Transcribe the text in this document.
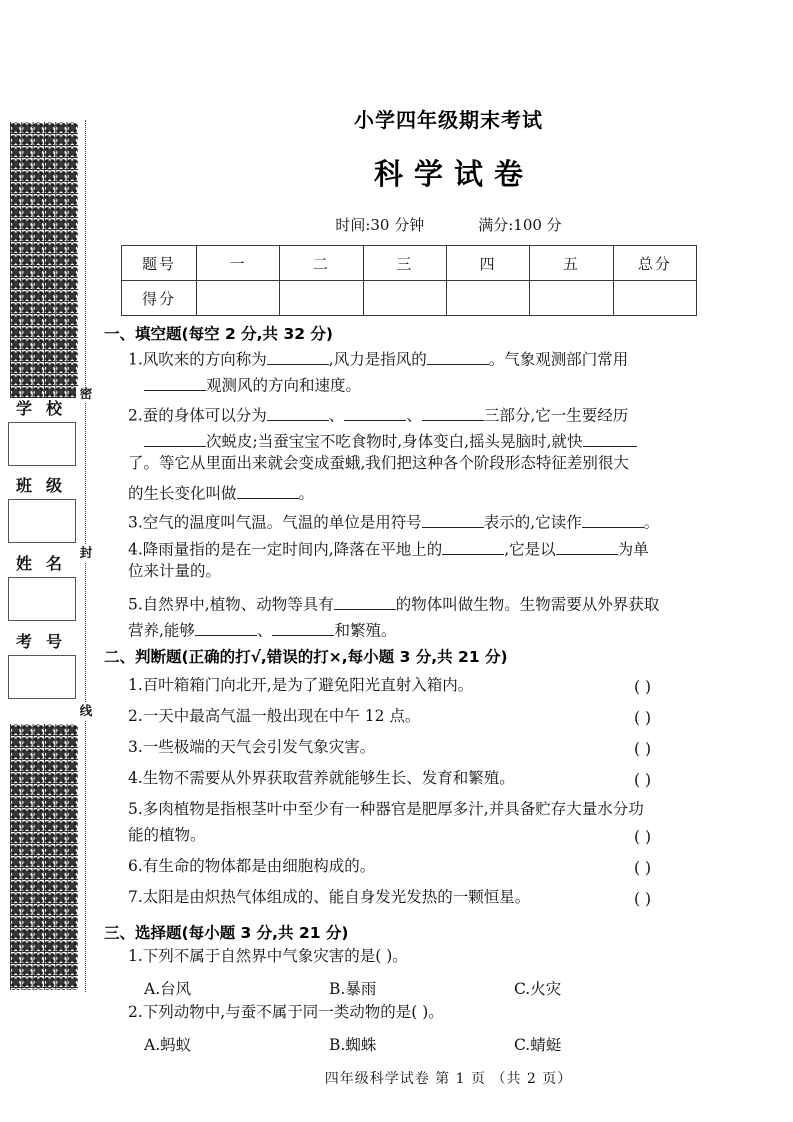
密
封
线
学校
班级
姓名
考号
小学四年级期末考试
科学试卷
时间:30 分钟	满分:100 分
题号	一	二	三	四	五	总分
得分						
一、填空题(每空 2 分,共 32 分)
1.风吹来的方向称为	,风力是指风的	。气象观测部门常用
观测风的方向和速度。
2.蚕的身体可以分为	、	、	三部分,它一生要经历
次蜕皮;当蚕宝宝不吃食物时,身体变白,摇头晃脑时,就快
了。等它从里面出来就会变成蚕蛾,我们把这种各个阶段形态特征差别很大
的生长变化叫做	。
3.空气的温度叫气温。气温的单位是用符号	表示的,它读作	。
4.降雨量指的是在一定时间内,降落在平地上的	,它是以	为单
位来计量的。
5.自然界中,植物、动物等具有	的物体叫做生物。生物需要从外界获取
营养,能够	、	和繁殖。
二、判断题(正确的打√,错误的打×,每小题 3 分,共 21 分)
1.百叶箱箱门向北开,是为了避免阳光直射入箱内。	( )
2.一天中最高气温一般出现在中午 12 点。	( )
3.一些极端的天气会引发气象灾害。	( )
4.生物不需要从外界获取营养就能够生长、发育和繁殖。	( )
5.多肉植物是指根茎叶中至少有一种器官是肥厚多汁,并具备贮存大量水分功
能的植物。	( )
6.有生命的物体都是由细胞构成的。	( )
7.太阳是由炽热气体组成的、能自身发光发热的一颗恒星。	( )
三、选择题(每小题 3 分,共 21 分)
1.下列不属于自然界中气象灾害的是( )。
A.台风	B.暴雨	C.火灾
2.下列动物中,与蚕不属于同一类动物的是( )。
A.蚂蚁	B.蜘蛛	C.蜻蜓
四年级科学试卷 第 1 页 （共 2 页）
